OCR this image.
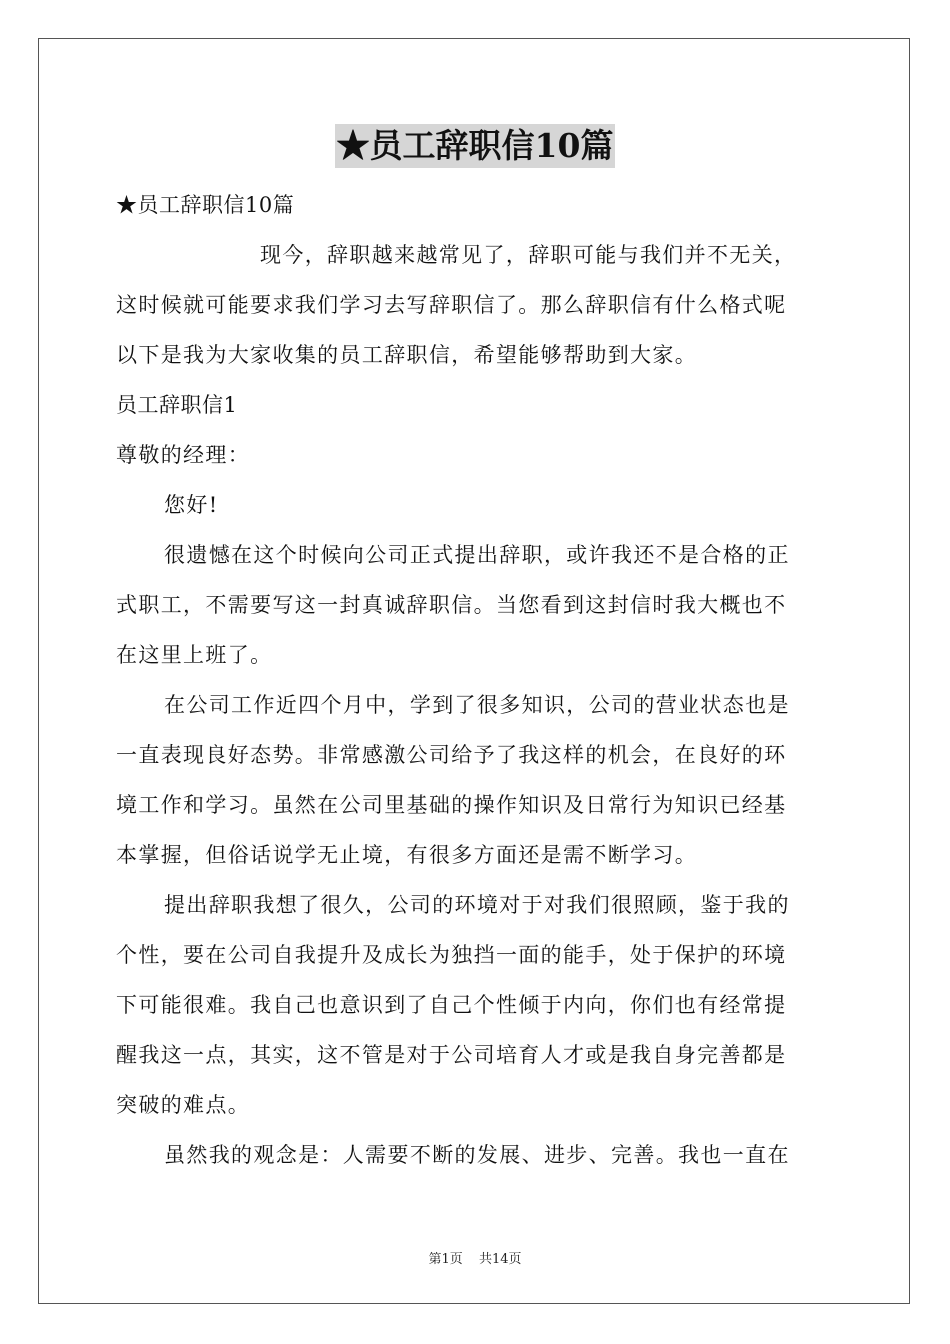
★员工辞职信10篇
★员工辞职信10篇
现今，辞职越来越常见了，辞职可能与我们并不无关，
这时候就可能要求我们学习去写辞职信了。那么辞职信有什么格式呢
以下是我为大家收集的员工辞职信，希望能够帮助到大家。
员工辞职信1
尊敬的经理：
您好!
很遗憾在这个时候向公司正式提出辞职，或许我还不是合格的正
式职工，不需要写这一封真诚辞职信。当您看到这封信时我大概也不
在这里上班了。
在公司工作近四个月中，学到了很多知识，公司的营业状态也是
一直表现良好态势。非常感激公司给予了我这样的机会，在良好的环
境工作和学习。虽然在公司里基础的操作知识及日常行为知识已经基
本掌握，但俗话说学无止境，有很多方面还是需不断学习。
提出辞职我想了很久，公司的环境对于对我们很照顾，鉴于我的
个性，要在公司自我提升及成长为独挡一面的能手，处于保护的环境
下可能很难。我自己也意识到了自己个性倾于内向，你们也有经常提
醒我这一点，其实，这不管是对于公司培育人才或是我自身完善都是
突破的难点。
虽然我的观念是：人需要不断的发展、进步、完善。我也一直在
第1页 共14页
